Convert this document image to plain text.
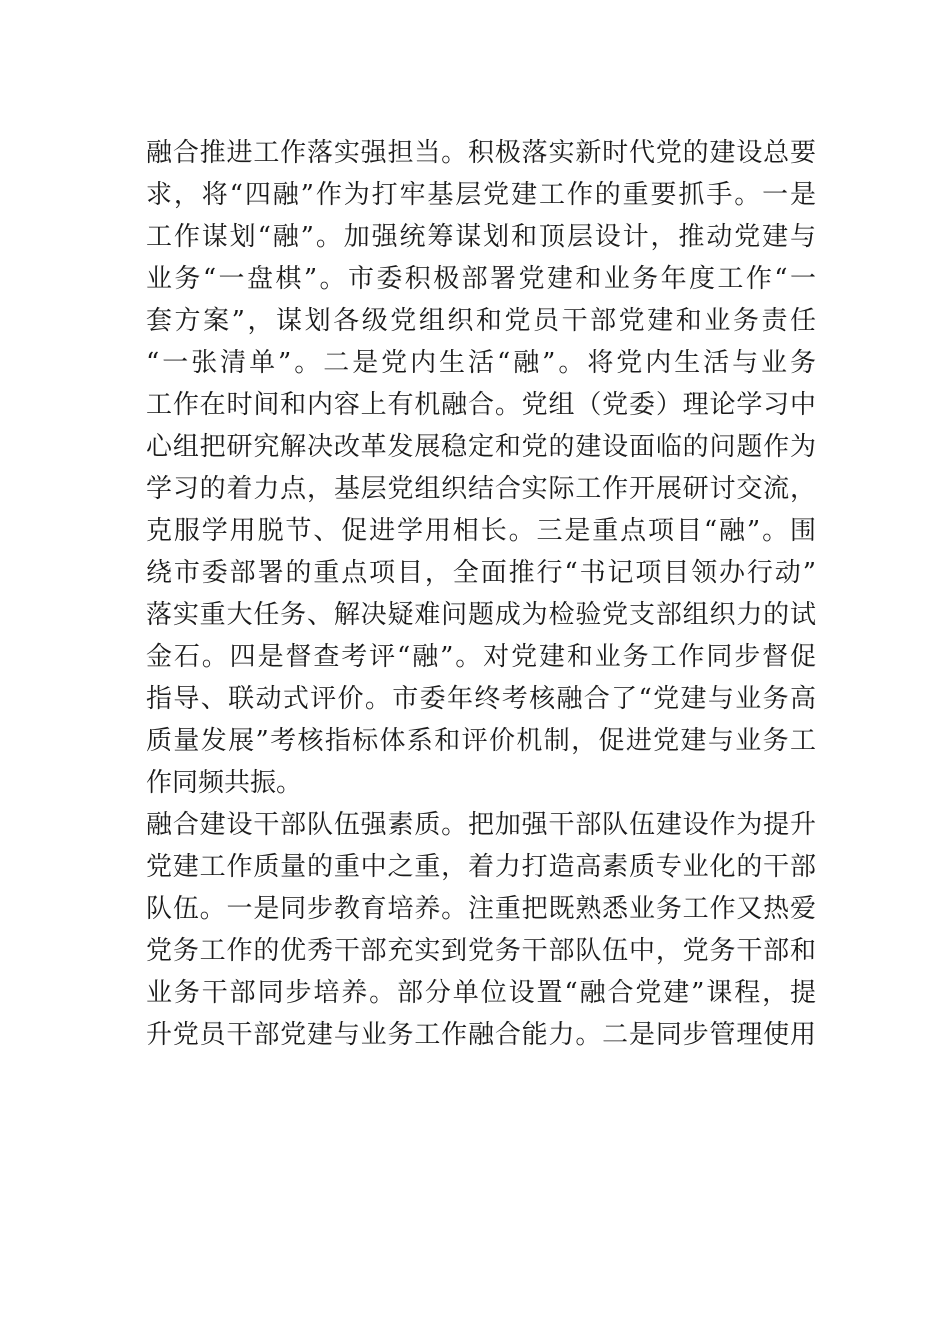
融合推进工作落实强担当。积极落实新时代党的建设总要
求，将“四融”作为打牢基层党建工作的重要抓手。一是
工作谋划“融”。加强统筹谋划和顶层设计，推动党建与
业务“一盘棋”。市委积极部署党建和业务年度工作“一
套方案”，谋划各级党组织和党员干部党建和业务责任
“一张清单”。二是党内生活“融”。将党内生活与业务
工作在时间和内容上有机融合。党组（党委）理论学习中
心组把研究解决改革发展稳定和党的建设面临的问题作为
学习的着力点，基层党组织结合实际工作开展研讨交流，
克服学用脱节、促进学用相长。三是重点项目“融”。围
绕市委部署的重点项目，全面推行“书记项目领办行动”
落实重大任务、解决疑难问题成为检验党支部组织力的试
金石。四是督查考评“融”。对党建和业务工作同步督促
指导、联动式评价。市委年终考核融合了“党建与业务高
质量发展”考核指标体系和评价机制，促进党建与业务工
作同频共振。
融合建设干部队伍强素质。把加强干部队伍建设作为提升
党建工作质量的重中之重，着力打造高素质专业化的干部
队伍。一是同步教育培养。注重把既熟悉业务工作又热爱
党务工作的优秀干部充实到党务干部队伍中，党务干部和
业务干部同步培养。部分单位设置“融合党建”课程，提
升党员干部党建与业务工作融合能力。二是同步管理使用
